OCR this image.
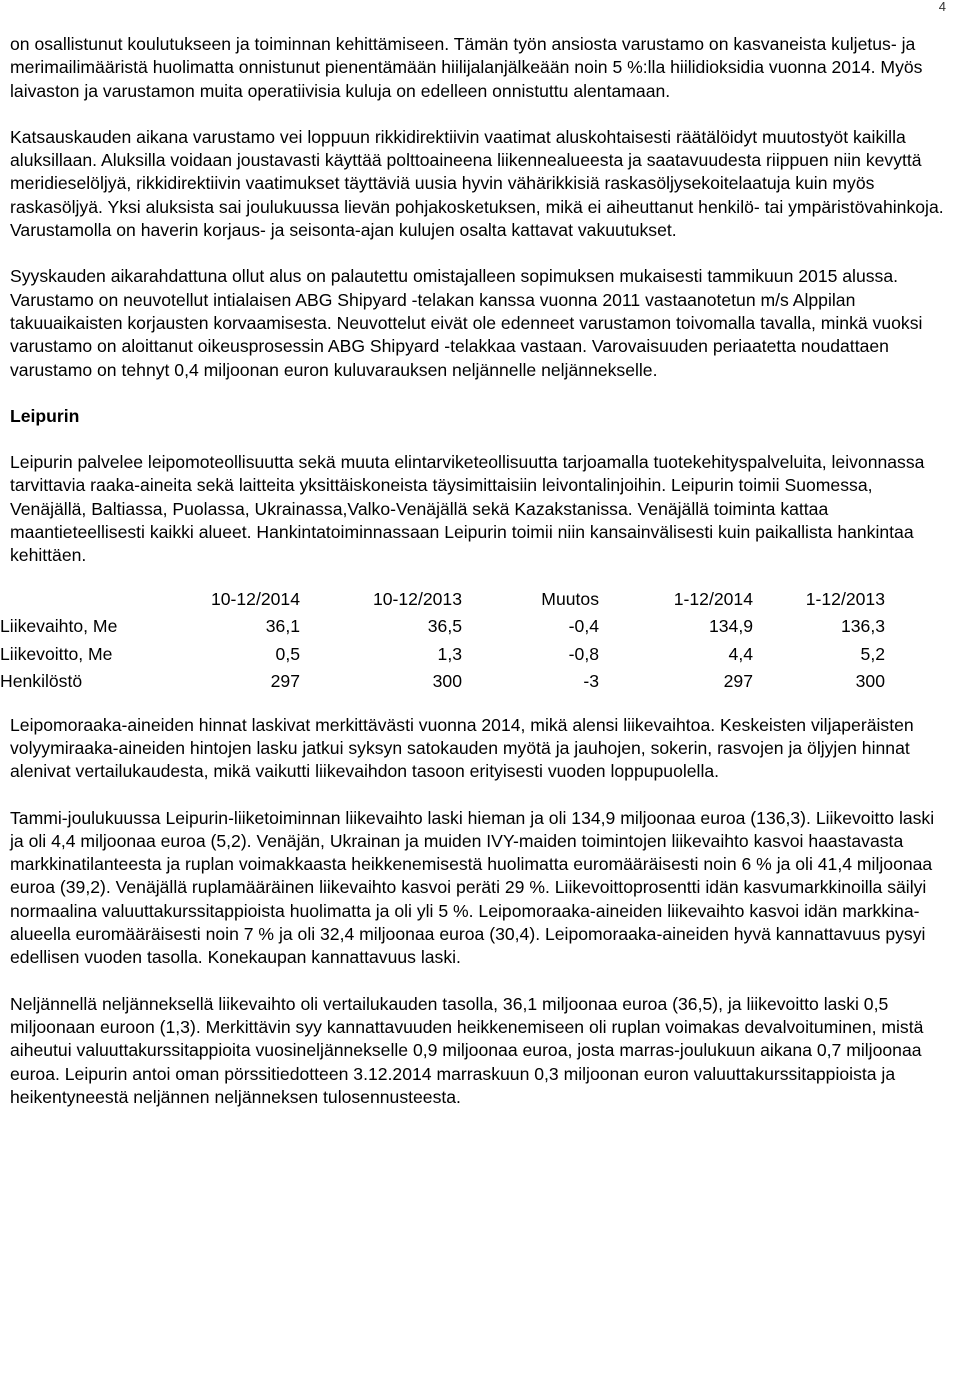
4

on osallistunut koulutukseen ja toiminnan kehittämiseen. Tämän työn ansiosta varustamo on kasvaneista kuljetus- ja merimailimääristä huolimatta onnistunut pienentämään hiilijalanjälkeään noin 5 %:lla hiilidioksidia vuonna 2014. Myös laivaston ja varustamon muita operatiivisia kuluja on edelleen onnistuttu alentamaan.

Katsauskauden aikana varustamo vei loppuun rikkidirektiivin vaatimat aluskohtaisesti räätälöidyt muutostyöt kaikilla aluksillaan. Aluksilla voidaan joustavasti käyttää polttoaineena liikennealueesta ja saatavuudesta riippuen niin kevyttä meridieselöljyä, rikkidirektiivin vaatimukset täyttäviä uusia hyvin vähärikkisiä raskasöljysekoitelaatuja kuin myös raskasöljyä. Yksi aluksista sai joulukuussa lievän pohjakosketuksen, mikä ei aiheuttanut henkilö- tai ympäristövahinkoja. Varustamolla on haverin korjaus- ja seisonta-ajan kulujen osalta kattavat vakuutukset.

Syyskauden aikarahdattuna ollut alus on palautettu omistajalleen sopimuksen mukaisesti tammikuun 2015 alussa. Varustamo on neuvotellut intialaisen ABG Shipyard -telakan kanssa vuonna 2011 vastaanotetun m/s Alppilan takuuaikaisten korjausten korvaamisesta. Neuvottelut eivät ole edenneet varustamon toivomalla tavalla, minkä vuoksi varustamo on aloittanut oikeusprosessin ABG Shipyard -telakkaa vastaan. Varovaisuuden periaatetta noudattaen varustamo on tehnyt 0,4 miljoonan euron kuluvarauksen neljännelle neljännekselle.

Leipurin

Leipurin palvelee leipomoteollisuutta sekä muuta elintarviketeollisuutta tarjoamalla tuotekehityspalveluita, leivonnassa tarvittavia raaka-aineita sekä laitteita yksittäiskoneista täysimittaisiin leivontalinjoihin. Leipurin toimii Suomessa, Venäjällä, Baltiassa, Puolassa, Ukrainassa,Valko-Venäjällä sekä Kazakstanissa. Venäjällä toiminta kattaa maantieteellisesti kaikki alueet. Hankintatoiminnassaan Leipurin toimii niin kansainvälisesti kuin paikallista hankintaa kehittäen.

	10-12/2014	10-12/2013	Muutos	1-12/2014	1-12/2013
Liikevaihto, Me	36,1	36,5	-0,4	134,9	136,3
Liikevoitto, Me	0,5	1,3	-0,8	4,4	5,2
Henkilöstö	297	300	-3	297	300

Leipomoraaka-aineiden hinnat laskivat merkittävästi vuonna 2014, mikä alensi liikevaihtoa. Keskeisten viljaperäisten volyymiraaka-aineiden hintojen lasku jatkui syksyn satokauden myötä ja jauhojen, sokerin, rasvojen ja öljyjen hinnat alenivat vertailukaudesta, mikä vaikutti liikevaihdon tasoon erityisesti vuoden loppupuolella.

Tammi-joulukuussa Leipurin-liiketoiminnan liikevaihto laski hieman ja oli 134,9 miljoonaa euroa (136,3). Liikevoitto laski ja oli 4,4 miljoonaa euroa (5,2). Venäjän, Ukrainan ja muiden IVY-maiden toimintojen liikevaihto kasvoi haastavasta markkinatilanteesta ja ruplan voimakkaasta heikkenemisestä huolimatta euromääräisesti noin 6 % ja oli 41,4 miljoonaa euroa (39,2). Venäjällä ruplamääräinen liikevaihto kasvoi peräti 29 %. Liikevoittoprosentti idän kasvumarkkinoilla säilyi normaalina valuuttakurssitappioista huolimatta ja oli yli 5 %. Leipomoraaka-aineiden liikevaihto kasvoi idän markkina-alueella euromääräisesti noin 7 % ja oli 32,4 miljoonaa euroa (30,4). Leipomoraaka-aineiden hyvä kannattavuus pysyi edellisen vuoden tasolla. Konekaupan kannattavuus laski.

Neljännellä neljänneksellä liikevaihto oli vertailukauden tasolla, 36,1 miljoonaa euroa (36,5), ja liikevoitto laski 0,5 miljoonaan euroon (1,3). Merkittävin syy kannattavuuden heikkenemiseen oli ruplan voimakas devalvoituminen, mistä aiheutui valuuttakurssitappioita vuosineljännekselle 0,9 miljoonaa euroa, josta marras-joulukuun aikana 0,7 miljoonaa euroa. Leipurin antoi oman pörssitiedotteen 3.12.2014 marraskuun 0,3 miljoonan euron valuuttakurssitappioista ja heikentyneestä neljännen neljänneksen tulosennusteesta.
